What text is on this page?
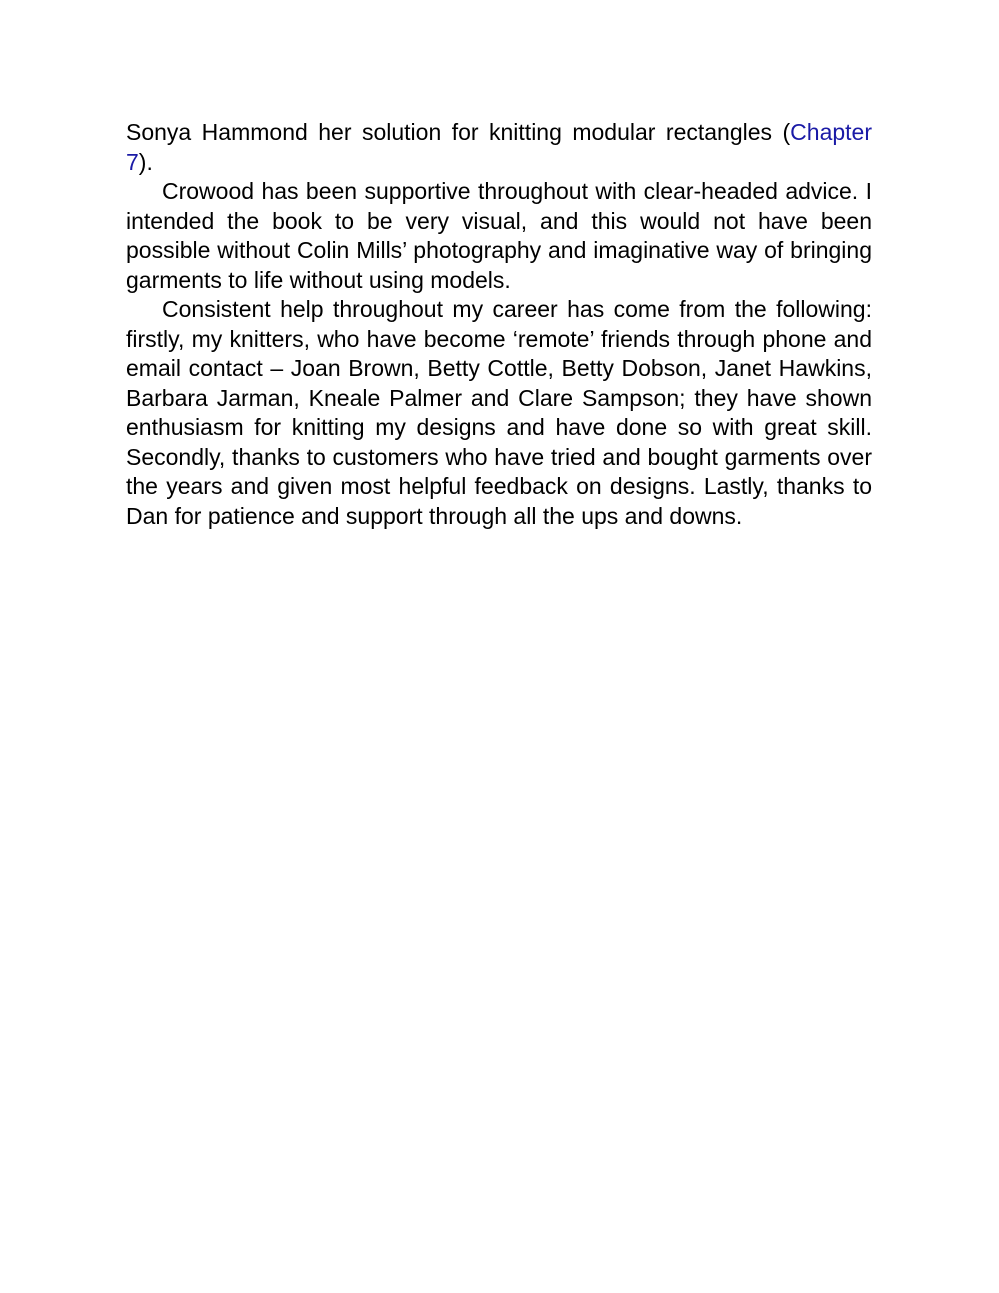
Sonya Hammond her solution for knitting modular rectangles (Chapter 7).

Crowood has been supportive throughout with clear-headed advice. I intended the book to be very visual, and this would not have been possible without Colin Mills’ photography and imaginative way of bringing garments to life without using models.

Consistent help throughout my career has come from the following: firstly, my knitters, who have become ‘remote’ friends through phone and email contact – Joan Brown, Betty Cottle, Betty Dobson, Janet Hawkins, Barbara Jarman, Kneale Palmer and Clare Sampson; they have shown enthusiasm for knitting my designs and have done so with great skill. Secondly, thanks to customers who have tried and bought garments over the years and given most helpful feedback on designs. Lastly, thanks to Dan for patience and support through all the ups and downs.
